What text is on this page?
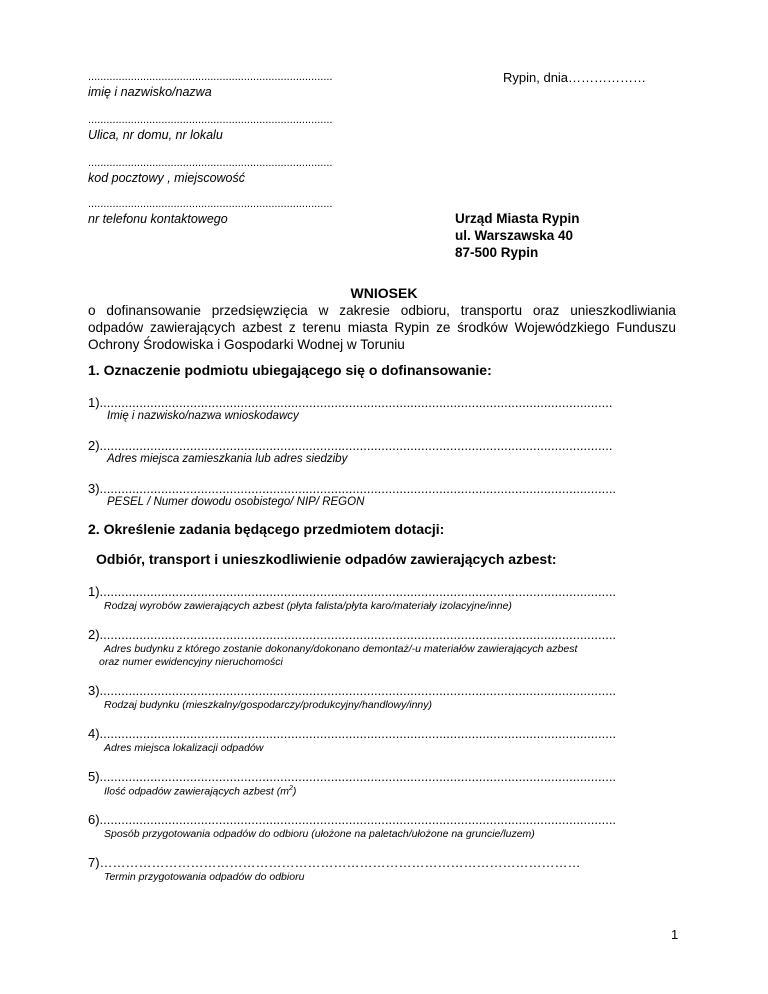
................................................................................
imię i nazwisko/nazwa
................................................................................
Ulica, nr domu, nr lokalu
................................................................................
kod pocztowy , miejscowość
................................................................................
nr telefonu kontaktowego
Rypin, dnia………………
Urząd Miasta Rypin
ul. Warszawska 40
87-500 Rypin
WNIOSEK
o dofinansowanie przedsięwzięcia w zakresie odbioru, transportu oraz unieszkodliwiania odpadów zawierających azbest z terenu miasta Rypin ze środków Wojewódzkiego Funduszu Ochrony Środowiska i Gospodarki Wodnej w Toruniu
1. Oznaczenie podmiotu ubiegającego się o dofinansowanie:
1)..............................................................................................................................................
Imię i nazwisko/nazwa wnioskodawcy
2)..............................................................................................................................................
Adres miejsca zamieszkania lub adres siedziby
3)...............................................................................................................................................
PESEL / Numer dowodu osobistego/ NIP/ REGON
2. Określenie zadania będącego przedmiotem dotacji:
Odbiór, transport i unieszkodliwienie odpadów zawierających azbest:
1)...............................................................................................................................................
Rodzaj wyrobów zawierających azbest (płyta falista/płyta karo/materiały izolacyjne/inne)
2)...............................................................................................................................................
Adres budynku z którego zostanie dokonany/dokonano demontaż/-u materiałów zawierających azbest
oraz numer ewidencyjny nieruchomości
3)...............................................................................................................................................
Rodzaj budynku (mieszkalny/gospodarczy/produkcyjny/handlowy/inny)
4)...............................................................................................................................................
Adres miejsca lokalizacji odpadów
5)...............................................................................................................................................
Ilość odpadów zawierających azbest $(m^2)$
6)...............................................................................................................................................
Sposób przygotowania odpadów do odbioru (ułożone na paletach/ułożone na gruncie/luzem)
7)…………………………………………………………………………………………………
Termin przygotowania odpadów do odbioru
1
